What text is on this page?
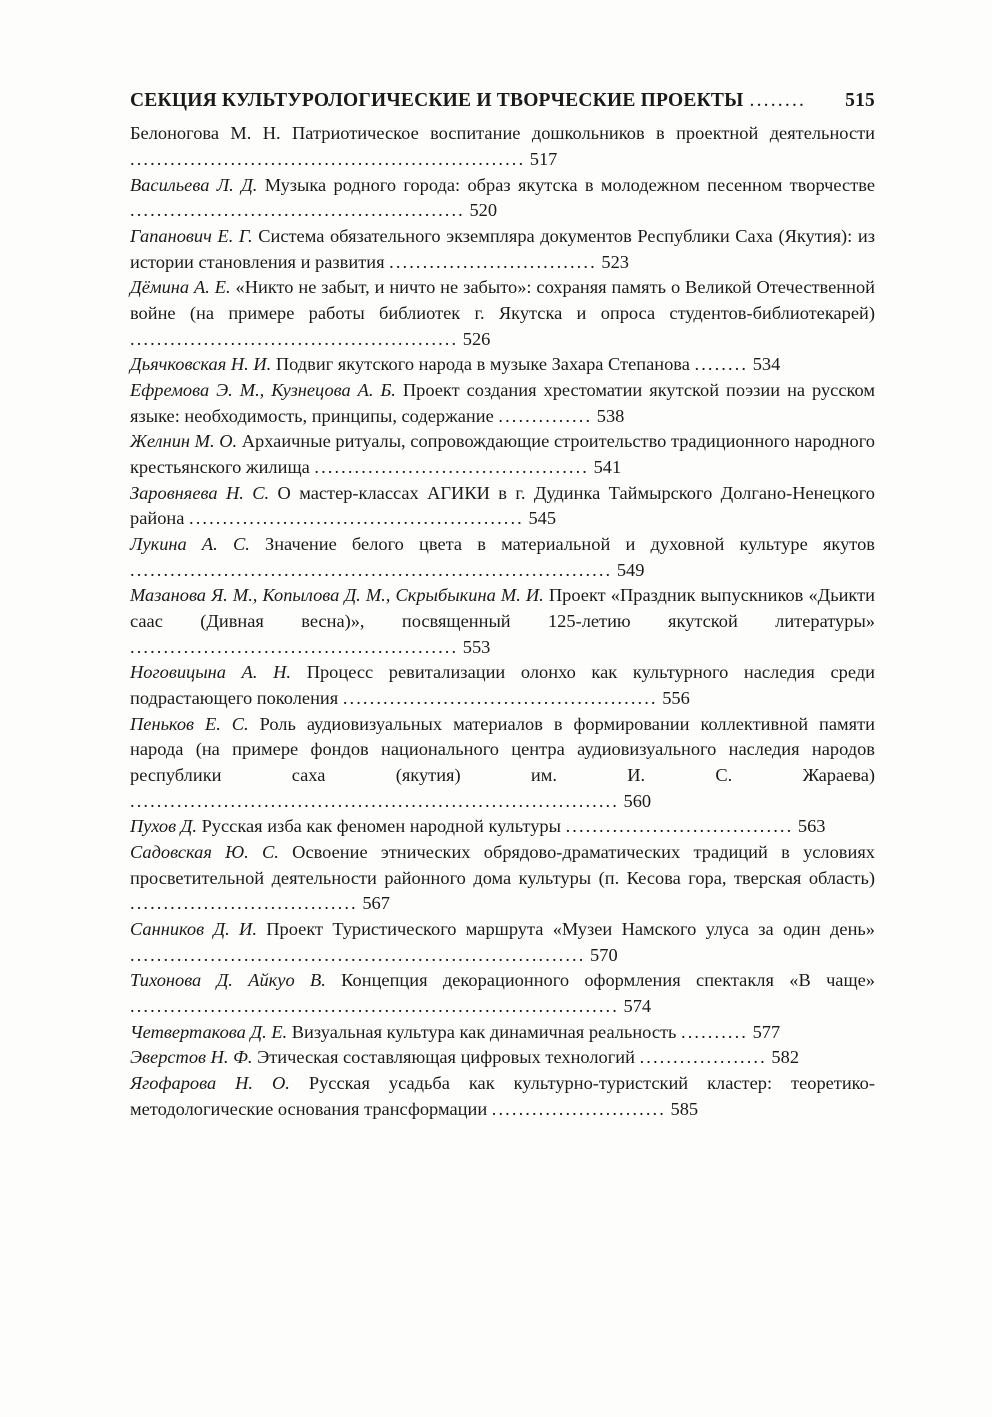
СЕКЦИЯ КУЛЬТУРОЛОГИЧЕСКИЕ И ТВОРЧЕСКИЕ ПРОЕКТЫ ........	515
Белоногова М. Н. Патриотическое воспитание дошкольников в проектной деятельности ........................................................... 517
Васильева Л. Д. Музыка родного города: образ якутска в молодежном песенном творчестве .................................................. 520
Гапанович Е. Г. Система обязательного экземпляра документов Республики Саха (Якутия): из истории становления и развития ............................... 523
Дёмина А. Е. «Никто не забыт, и ничто не забыто»: сохраняя память о Великой Отечественной войне (на примере работы библиотек г. Якутска и опроса студентов-библиотекарей) ................................................. 526
Дьячковская Н. И. Подвиг якутского народа в музыке Захара Степанова ........ 534
Ефремова Э. М., Кузнецова А. Б. Проект создания хрестоматии якутской поэзии на русском языке: необходимость, принципы, содержание .............. 538
Желнин М. О. Архаичные ритуалы, сопровождающие строительство традиционного народного крестьянского жилища ......................................... 541
Заровняева Н. С. О мастер-классах АГИКИ в г. Дудинка Таймырского Долгано-Ненецкого района .................................................. 545
Лукина А. С. Значение белого цвета в материальной и духовной культуре якутов ........................................................................ 549
Мазанова Я. М., Копылова Д. М., Скрыбыкина М. И. Проект «Праздник выпускников «Дьикти саас (Дивная весна)», посвященный 125-летию якутской литературы» ................................................. 553
Ноговицына А. Н. Процесс ревитализации олонхо как культурного наследия среди подрастающего поколения ............................................... 556
Пеньков Е. С. Роль аудиовизуальных материалов в формировании коллективной памяти народа (на примере фондов национального центра аудиовизуального наследия народов республики саха (якутия) им. И. С. Жараева) ......................................................................... 560
Пухов Д. Русская изба как феномен народной культуры .................................. 563
Садовская Ю. С. Освоение этнических обрядово-драматических традиций в условиях просветительной деятельности районного дома культуры (п. Кесова гора, тверская область) .................................. 567
Санников Д. И. Проект Туристического маршрута «Музеи Намского улуса за один день» .................................................................... 570
Тихонова Д. Айкуо В. Концепция декорационного оформления спектакля «В чаще» ......................................................................... 574
Четвертакова Д. Е. Визуальная культура как динамичная реальность .......... 577
Эверстов Н. Ф. Этическая составляющая цифровых технологий ................... 582
Ягофарова Н. О. Русская усадьба как культурно-туристский кластер: теоретико-методологические основания трансформации .......................... 585
